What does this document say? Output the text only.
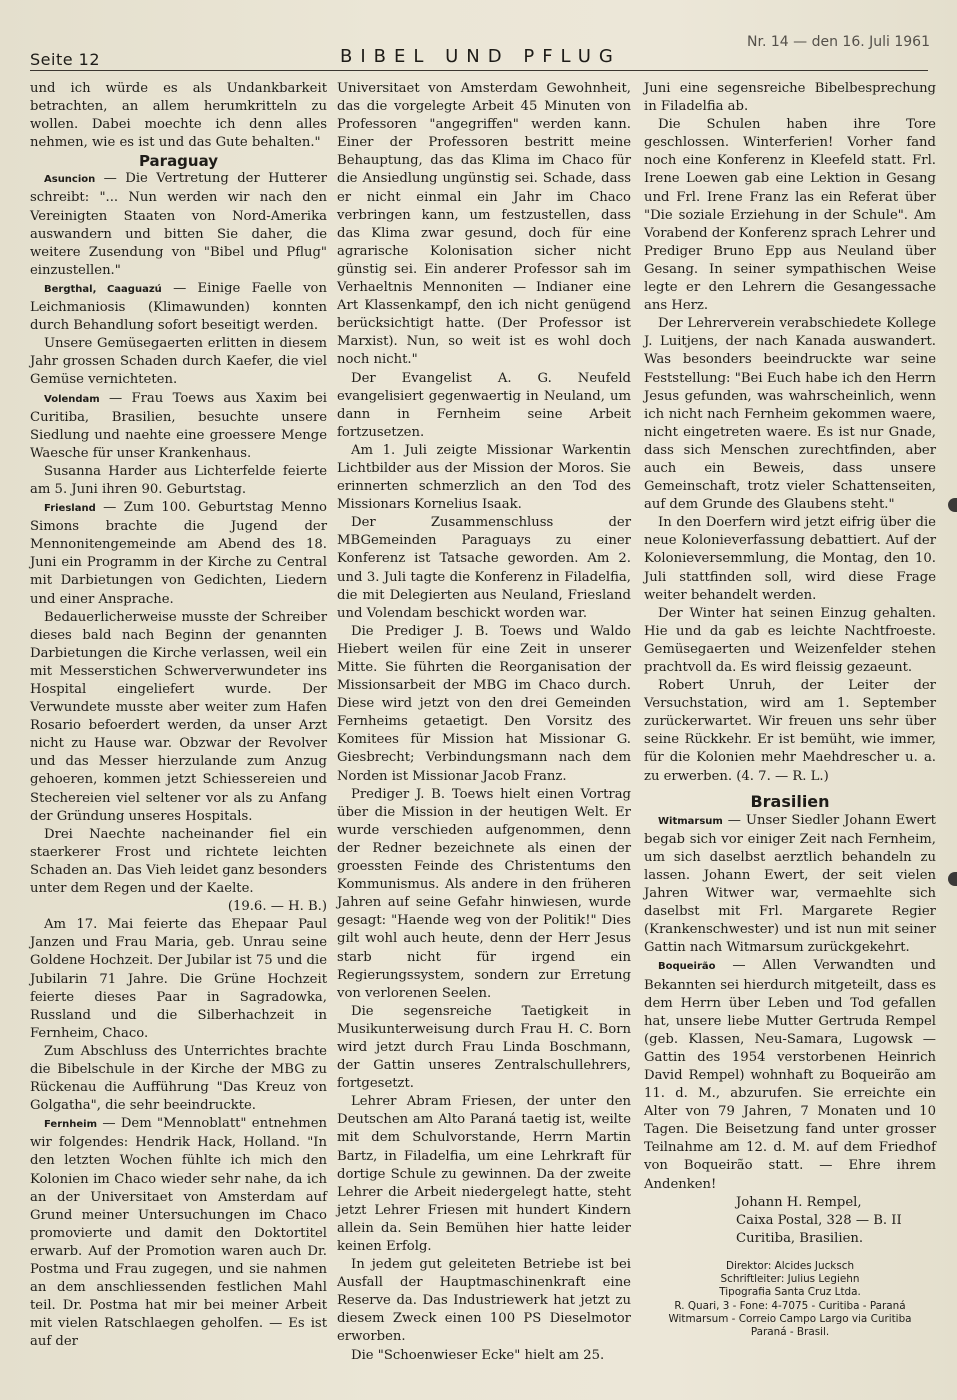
Seite 12	BIBEL UND PFLUG
Nr. 14 — den 16. Juli 1961

und ich würde es als Undankbarkeit betrachten, an allem herumkritteln zu wollen. Dabei moechte ich denn alles nehmen, wie es ist und das Gute behalten."

Paraguay

Asuncion — Die Vertretung der Hutterer schreibt: "... Nun werden wir nach den Vereinigten Staaten von Nord-Amerika auswandern und bitten Sie daher, die weitere Zusendung von "Bibel und Pflug" einzustellen."

Bergthal, Caaguazú — Einige Faelle von Leichmaniosis (Klimawunden) konnten durch Behandlung sofort beseitigt werden.

Unsere Gemüsegaerten erlitten in diesem Jahr grossen Schaden durch Kaefer, die viel Gemüse vernichteten.

Volendam — Frau Toews aus Xaxim bei Curitiba, Brasilien, besuchte unsere Siedlung und naehte eine groessere Menge Waesche für unser Krankenhaus.

Susanna Harder aus Lichterfelde feierte am 5. Juni ihren 90. Geburtstag.

Friesland — Zum 100. Geburtstag Menno Simons brachte die Jugend der Mennonitengemeinde am Abend des 18. Juni ein Programm in der Kirche zu Central mit Darbietungen von Gedichten, Liedern und einer Ansprache.

Bedauerlicherweise musste der Schreiber dieses bald nach Beginn der genannten Darbietungen die Kirche verlassen, weil ein mit Messerstichen Schwerverwundeter ins Hospital eingeliefert wurde. Der Verwundete musste aber weiter zum Hafen Rosario befoerdert werden, da unser Arzt nicht zu Hause war. Obzwar der Revolver und das Messer hierzulande zum Anzug gehoeren, kommen jetzt Schiessereien und Stechereien viel seltener vor als zu Anfang der Gründung unseres Hospitals.

Drei Naechte nacheinander fiel ein staerkerer Frost und richtete leichten Schaden an. Das Vieh leidet ganz besonders unter dem Regen und der Kaelte.

(19.6. — H. B.)

Am 17. Mai feierte das Ehepaar Paul Janzen und Frau Maria, geb. Unrau seine Goldene Hochzeit. Der Jubilar ist 75 und die Jubilarin 71 Jahre. Die Grüne Hochzeit feierte dieses Paar in Sagradowka, Russland und die Silberhachzeit in Fernheim, Chaco.

Zum Abschluss des Unterrichtes brachte die Bibelschule in der Kirche der MBG zu Rückenau die Aufführung "Das Kreuz von Golgatha", die sehr beeindruckte.

Fernheim — Dem "Mennoblatt" entnehmen wir folgendes: Hendrik Hack, Holland. "In den letzten Wochen fühlte ich mich den Kolonien im Chaco wieder sehr nahe, da ich an der Universitaet von Amsterdam auf Grund meiner Untersuchungen im Chaco promovierte und damit den Doktortitel erwarb. Auf der Promotion waren auch Dr. Postma und Frau zugegen, und sie nahmen an dem anschliessenden festlichen Mahl teil. Dr. Postma hat mir bei meiner Arbeit mit vielen Ratschlaegen geholfen. — Es ist auf der

Universitaet von Amsterdam Gewohnheit, das die vorgelegte Arbeit 45 Minuten von Professoren "angegriffen" werden kann. Einer der Professoren bestritt meine Behauptung, das das Klima im Chaco für die Ansiedlung ungünstig sei. Schade, dass er nicht einmal ein Jahr im Chaco verbringen kann, um festzustellen, dass das Klima zwar gesund, doch für eine agrarische Kolonisation sicher nicht günstig sei. Ein anderer Professor sah im Verhaeltnis Mennoniten — Indianer eine Art Klassenkampf, den ich nicht genügend berücksichtigt hatte. (Der Professor ist Marxist). Nun, so weit ist es wohl doch noch nicht."

Der Evangelist A. G. Neufeld evangelisiert gegenwaertig in Neuland, um dann in Fernheim seine Arbeit fortzusetzen.

Am 1. Juli zeigte Missionar Warkentin Lichtbilder aus der Mission der Moros. Sie erinnerten schmerzlich an den Tod des Missionars Kornelius Isaak.

Der Zusammenschluss der MBGemeinden Paraguays zu einer Konferenz ist Tatsache geworden. Am 2. und 3. Juli tagte die Konferenz in Filadelfia, die mit Delegierten aus Neuland, Friesland und Volendam beschickt worden war.

Die Prediger J. B. Toews und Waldo Hiebert weilen für eine Zeit in unserer Mitte. Sie führten die Reorganisation der Missionsarbeit der MBG im Chaco durch. Diese wird jetzt von den drei Gemeinden Fernheims getaetigt. Den Vorsitz des Komitees für Mission hat Missionar G. Giesbrecht; Verbindungsmann nach dem Norden ist Missionar Jacob Franz.

Prediger J. B. Toews hielt einen Vortrag über die Mission in der heutigen Welt. Er wurde verschieden aufgenommen, denn der Redner bezeichnete als einen der groessten Feinde des Christentums den Kommunismus. Als andere in den früheren Jahren auf seine Gefahr hinwiesen, wurde gesagt: "Haende weg von der Politik!" Dies gilt wohl auch heute, denn der Herr Jesus starb nicht für irgend ein Regierungssystem, sondern zur Erretung von verlorenen Seelen.

Die segensreiche Taetigkeit in Musikunterweisung durch Frau H. C. Born wird jetzt durch Frau Linda Boschmann, der Gattin unseres Zentralschullehrers, fortgesetzt.

Lehrer Abram Friesen, der unter den Deutschen am Alto Paraná taetig ist, weilte mit dem Schulvorstande, Herrn Martin Bartz, in Filadelfia, um eine Lehrkraft für dortige Schule zu gewinnen. Da der zweite Lehrer die Arbeit niedergelegt hatte, steht jetzt Lehrer Friesen mit hundert Kindern allein da. Sein Bemühen hier hatte leider keinen Erfolg.

In jedem gut geleiteten Betriebe ist bei Ausfall der Hauptmaschinenkraft eine Reserve da. Das Industriewerk hat jetzt zu diesem Zweck einen 100 PS Dieselmotor erworben.

Die "Schoenwieser Ecke" hielt am 25.

Juni eine segensreiche Bibelbesprechung in Filadelfia ab.

Die Schulen haben ihre Tore geschlossen. Winterferien! Vorher fand noch eine Konferenz in Kleefeld statt. Frl. Irene Loewen gab eine Lektion in Gesang und Frl. Irene Franz las ein Referat über "Die soziale Erziehung in der Schule". Am Vorabend der Konferenz sprach Lehrer und Prediger Bruno Epp aus Neuland über Gesang. In seiner sympathischen Weise legte er den Lehrern die Gesangessache ans Herz.

Der Lehrerverein verabschiedete Kollege J. Luitjens, der nach Kanada auswandert. Was besonders beeindruckte war seine Feststellung: "Bei Euch habe ich den Herrn Jesus gefunden, was wahrscheinlich, wenn ich nicht nach Fernheim gekommen waere, nicht eingetreten waere. Es ist nur Gnade, dass sich Menschen zurechtfinden, aber auch ein Beweis, dass unsere Gemeinschaft, trotz vieler Schattenseiten, auf dem Grunde des Glaubens steht."

In den Doerfern wird jetzt eifrig über die neue Kolonieverfassung debattiert. Auf der Kolonieversemmlung, die Montag, den 10. Juli stattfinden soll, wird diese Frage weiter behandelt werden.

Der Winter hat seinen Einzug gehalten. Hie und da gab es leichte Nachtfroeste. Gemüsegaerten und Weizenfelder stehen prachtvoll da. Es wird fleissig gezaeunt.

Robert Unruh, der Leiter der Versuchstation, wird am 1. September zurückerwartet. Wir freuen uns sehr über seine Rückkehr. Er ist bemüht, wie immer, für die Kolonien mehr Maehdrescher u. a. zu erwerben. (4. 7. — R. L.)

Brasilien

Witmarsum — Unser Siedler Johann Ewert begab sich vor einiger Zeit nach Fernheim, um sich daselbst aerztlich behandeln zu lassen. Johann Ewert, der seit vielen Jahren Witwer war, vermaehlte sich daselbst mit Frl. Margarete Regier (Krankenschwester) und ist nun mit seiner Gattin nach Witmarsum zurückgekehrt.

Boqueirão — Allen Verwandten und Bekannten sei hierdurch mitgeteilt, dass es dem Herrn über Leben und Tod gefallen hat, unsere liebe Mutter Gertruda Rempel (geb. Klassen, Neu-Samara, Lugowsk — Gattin des 1954 verstorbenen Heinrich David Rempel) wohnhaft zu Boqueirão am 11. d. M., abzurufen. Sie erreichte ein Alter von 79 Jahren, 7 Monaten und 10 Tagen. Die Beisetzung fand unter grosser Teilnahme am 12. d. M. auf dem Friedhof von Boqueirão statt. — Ehre ihrem Andenken!

Johann H. Rempel,

Caixa Postal, 328 — B. II

Curitiba, Brasilien.

Direktor: Alcides Jucksch

Schriftleiter: Julius Legiehn

Tipografia Santa Cruz Ltda.

R. Quari, 3 - Fone: 4-7075 - Curitiba - Paraná

Witmarsum - Correio Campo Largo via Curitiba

Paraná - Brasil.
